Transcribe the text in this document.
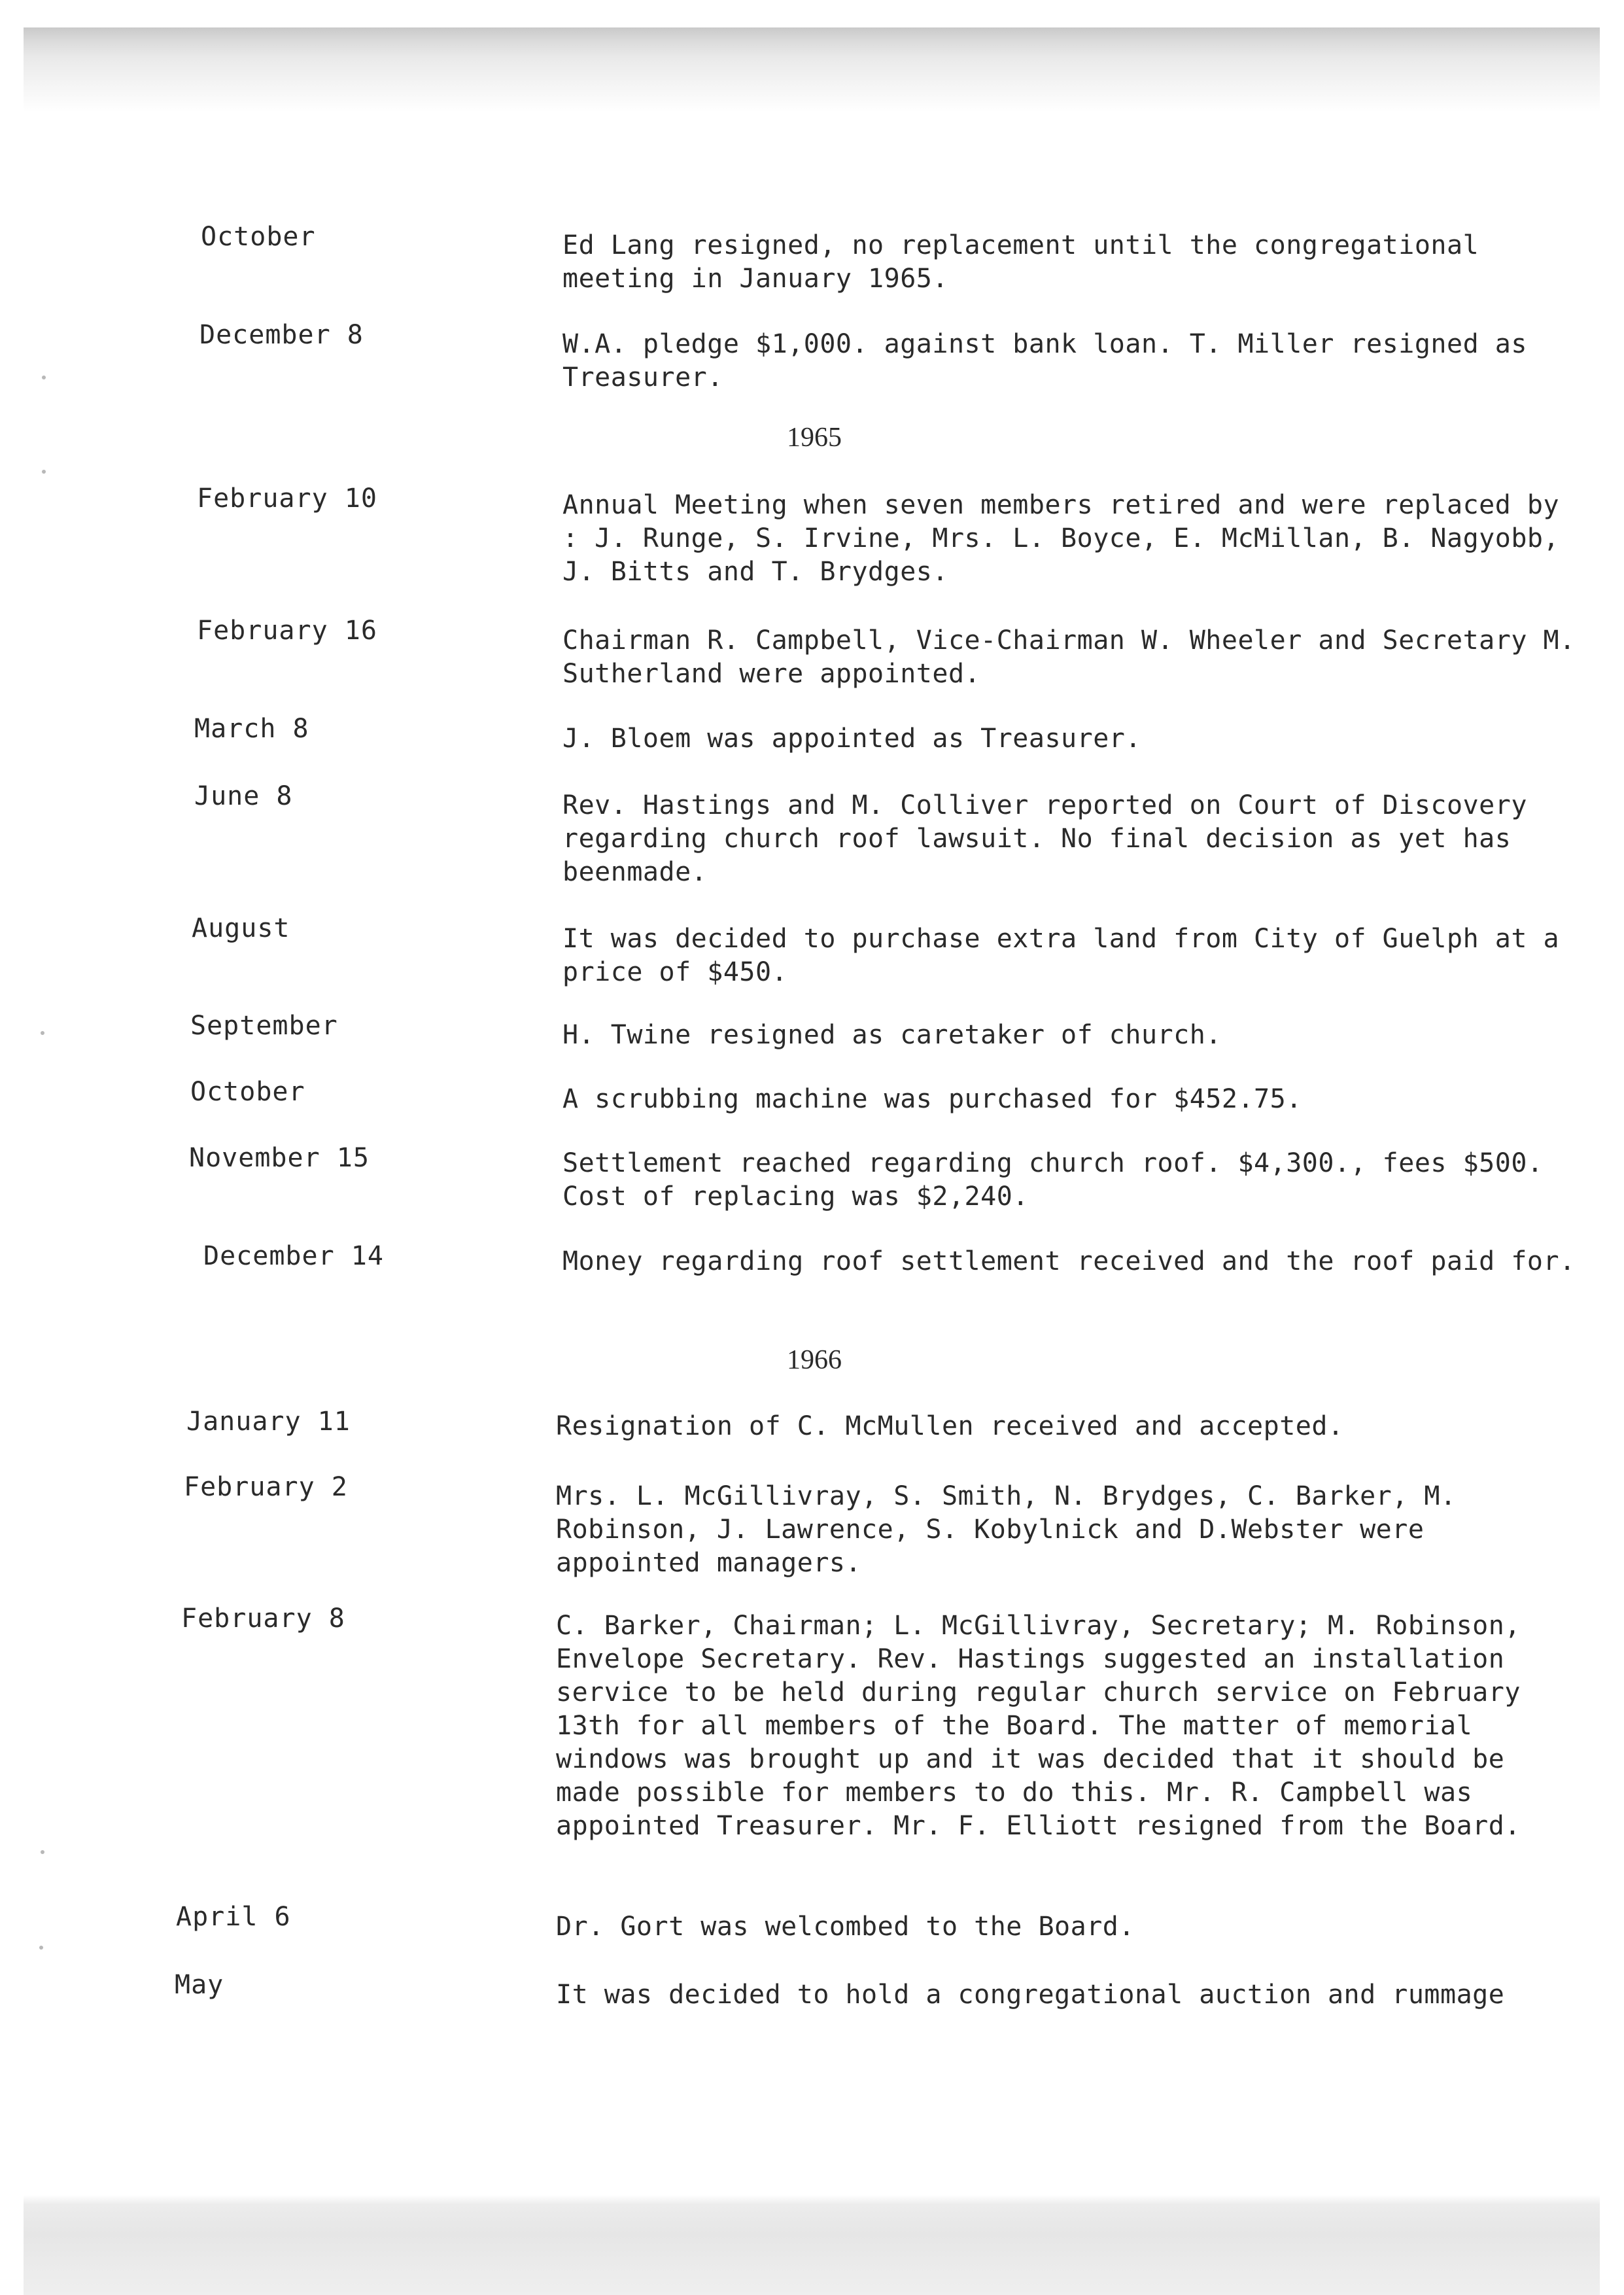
October	Ed Lang resigned, no replacement until the congregational meeting in January 1965.

December 8	W.A. pledge $1,000. against bank loan. T. Miller resigned as Treasurer.

1965

February 10	Annual Meeting when seven members retired and were replaced by : J. Runge, S. Irvine, Mrs. L. Boyce, E. McMillan, B. Nagyobb, J. Bitts and T. Brydges.

February 16	Chairman R. Campbell, Vice-Chairman W. Wheeler and Secretary M. Sutherland were appointed.

March 8	J. Bloem was appointed as Treasurer.

June 8	Rev. Hastings and M. Colliver reported on Court of Discovery regarding church roof lawsuit. No final decision as yet has beenmade.

August	It was decided to purchase extra land from City of Guelph at a price of $450.

September	H. Twine resigned as caretaker of church.

October	A scrubbing machine was purchased for $452.75.

November 15	Settlement reached regarding church roof. $4,300., fees $500. Cost of replacing was $2,240.

December 14	Money regarding roof settlement received and the roof paid for.

1966

January 11	Resignation of C. McMullen received and accepted.

February 2	Mrs. L. McGillivray, S. Smith, N. Brydges, C. Barker, M. Robinson, J. Lawrence, S. Kobylnick and D.Webster were appointed managers.

February 8	C. Barker, Chairman; L. McGillivray, Secretary; M. Robinson, Envelope Secretary. Rev. Hastings suggested an installation service to be held during regular church service on February 13th for all members of the Board. The matter of memorial windows was brought up and it was decided that it should be made possible for members to do this. Mr. R. Campbell was appointed Treasurer. Mr. F. Elliott resigned from the Board.

April 6	Dr. Gort was welcombed to the Board.

May	It was decided to hold a congregational auction and rummage
